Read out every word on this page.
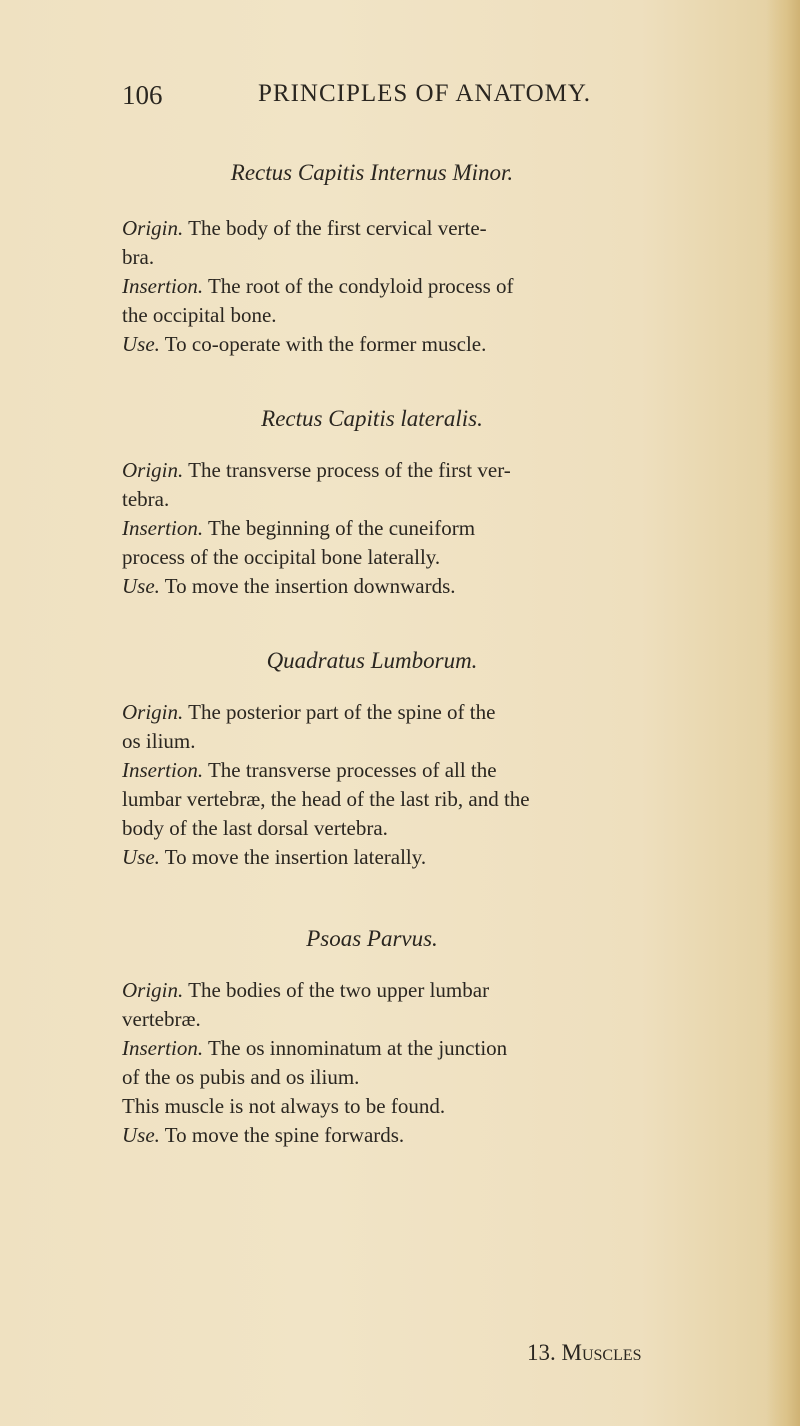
106	PRINCIPLES OF ANATOMY.

Rectus Capitis Internus Minor.

Origin. The body of the first cervical verte-

bra.

Insertion. The root of the condyloid process of

the occipital bone.

Use. To co-operate with the former muscle.

Rectus Capitis lateralis.

Origin. The transverse process of the first ver-

tebra.

Insertion. The beginning of the cuneiform

process of the occipital bone laterally.

Use. To move the insertion downwards.

Quadratus Lumborum.

Origin. The posterior part of the spine of the

os ilium.

Insertion. The transverse processes of all the

lumbar vertebræ, the head of the last rib, and the

body of the last dorsal vertebra.

Use. To move the insertion laterally.

Psoas Parvus.

Origin. The bodies of the two upper lumbar

vertebræ.

Insertion. The os innominatum at the junction

of the os pubis and os ilium.

This muscle is not always to be found.

Use. To move the spine forwards.

13. Muscles
